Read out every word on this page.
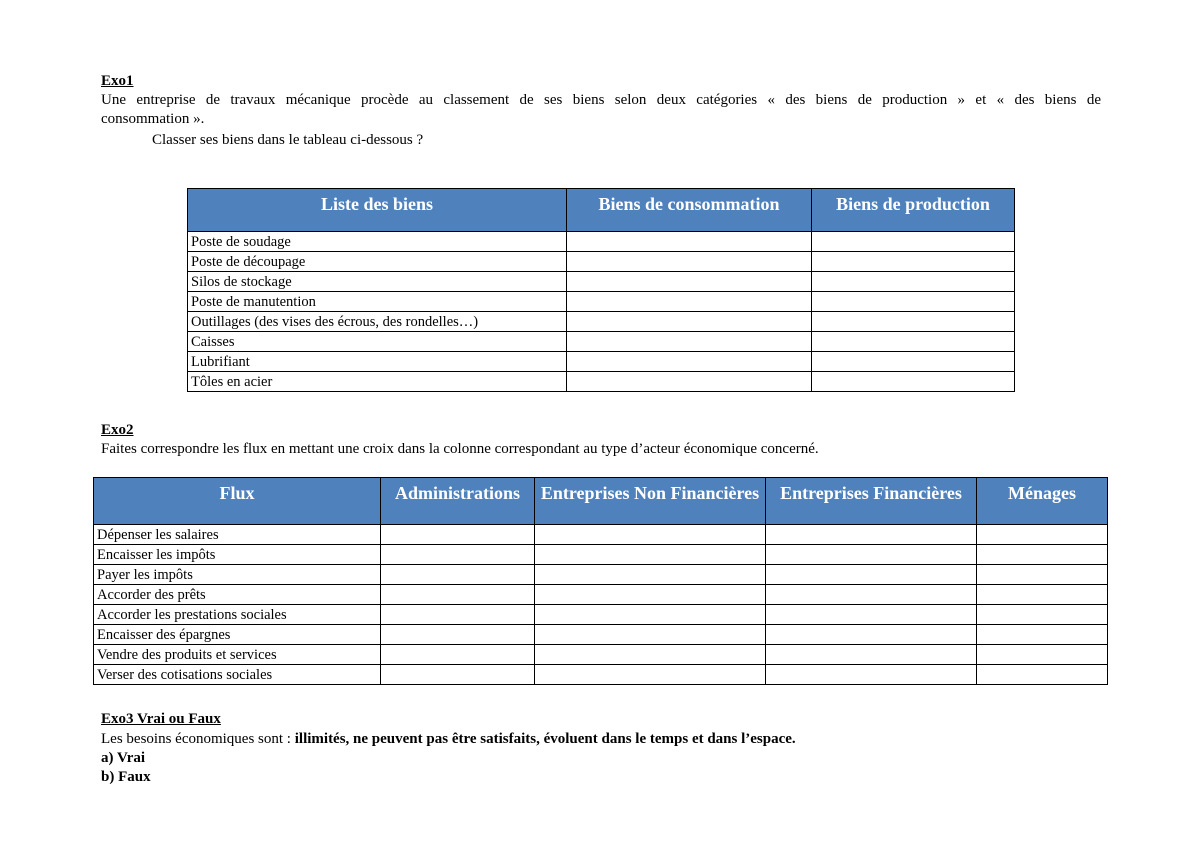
Exo1
Une entreprise de travaux mécanique procède au classement de ses biens selon deux catégories « des biens de production » et « des biens de
consommation ».
Classer ses biens dans le tableau ci-dessous ?
Liste des biens	Biens de consommation	Biens de production
Poste de soudage		
Poste de découpage		
Silos de stockage		
Poste de manutention		
Outillages (des vises des écrous, des rondelles…)		
Caisses		
Lubrifiant		
Tôles en acier		
Exo2
Faites correspondre les flux en mettant une croix dans la colonne correspondant au type d’acteur économique concerné.
Flux	Administrations	Entreprises Non Financières	Entreprises Financières	Ménages
Dépenser les salaires				
Encaisser les impôts				
Payer les impôts				
Accorder des prêts				
Accorder les prestations sociales				
Encaisser des épargnes				
Vendre des produits et services				
Verser des cotisations sociales				
Exo3 Vrai ou Faux
Les besoins économiques sont : illimités, ne peuvent pas être satisfaits, évoluent dans le temps et dans l’espace.
a) Vrai
b) Faux
